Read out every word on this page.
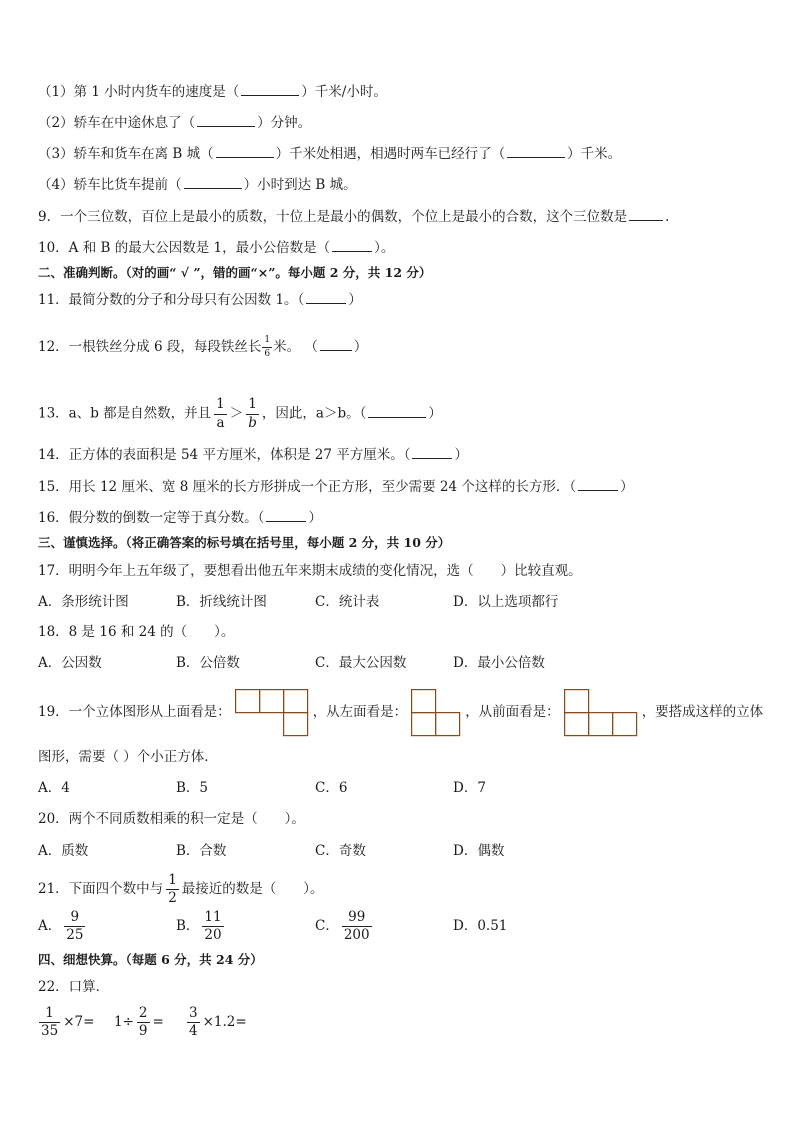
（1）第 1 小时内货车的速度是（	）千米/小时。
（2）轿车在中途休息了（	）分钟。
（3）轿车和货车在离 B 城（	）千米处相遇，相遇时两车已经行了（	）千米。
（4）轿车比货车提前（	）小时到达 B 城。
9．一个三位数，百位上是最小的质数，十位上是最小的偶数，个位上是最小的合数，这个三位数是	．
10．A 和 B 的最大公因数是 1，最小公倍数是（	）。
二、准确判断。（对的画“ √ ”，错的画“×”。每小题 2 分，共 12 分）
11．最简分数的分子和分母只有公因数 1。（	）
12．一根铁丝分成 6 段，每段铁丝长 $\frac{1}{6}$ 米。 （	）
13．a、b 都是自然数，并且 $\frac{1}{a} > \frac{1}{b}$ ，因此，a＞b。（	）
14．正方体的表面积是 54 平方厘米，体积是 27 平方厘米。（	）
15．用长 12 厘米、宽 8 厘米的长方形拼成一个正方形，至少需要 24 个这样的长方形．（	）
16．假分数的倒数一定等于真分数。（	）
三、谨慎选择。（将正确答案的标号填在括号里，每小题 2 分，共 10 分）
17．明明今年上五年级了，要想看出他五年来期末成绩的变化情况，选（　　）比较直观。
A．条形统计图	B．折线统计图	C．统计表	D．以上选项都行
18．8 是 16 和 24 的（　　）。
A．公因数	B．公倍数	C．最大公因数	D．最小公倍数
19．一个立体图形从上面看是：	，从左面看是：	，从前面看是：	，要搭成这样的立体
图形，需要（ ）个小正方体．
A．4	B．5	C．6	D．7
20．两个不同质数相乘的积一定是（　　）。
A．质数	B．合数	C．奇数	D．偶数
21．下面四个数中与 $\frac{1}{2}$ 最接近的数是（　　）。
A． $\frac{9}{25}$	B． $\frac{11}{20}$	C． $\frac{99}{200}$	D．0.51
四、细想快算。（每题 6 分，共 24 分）
22．口算．
$\frac{1}{35} \times 7= 1\div \frac{2}{9} = \frac{3}{4} \times 1.2=$
